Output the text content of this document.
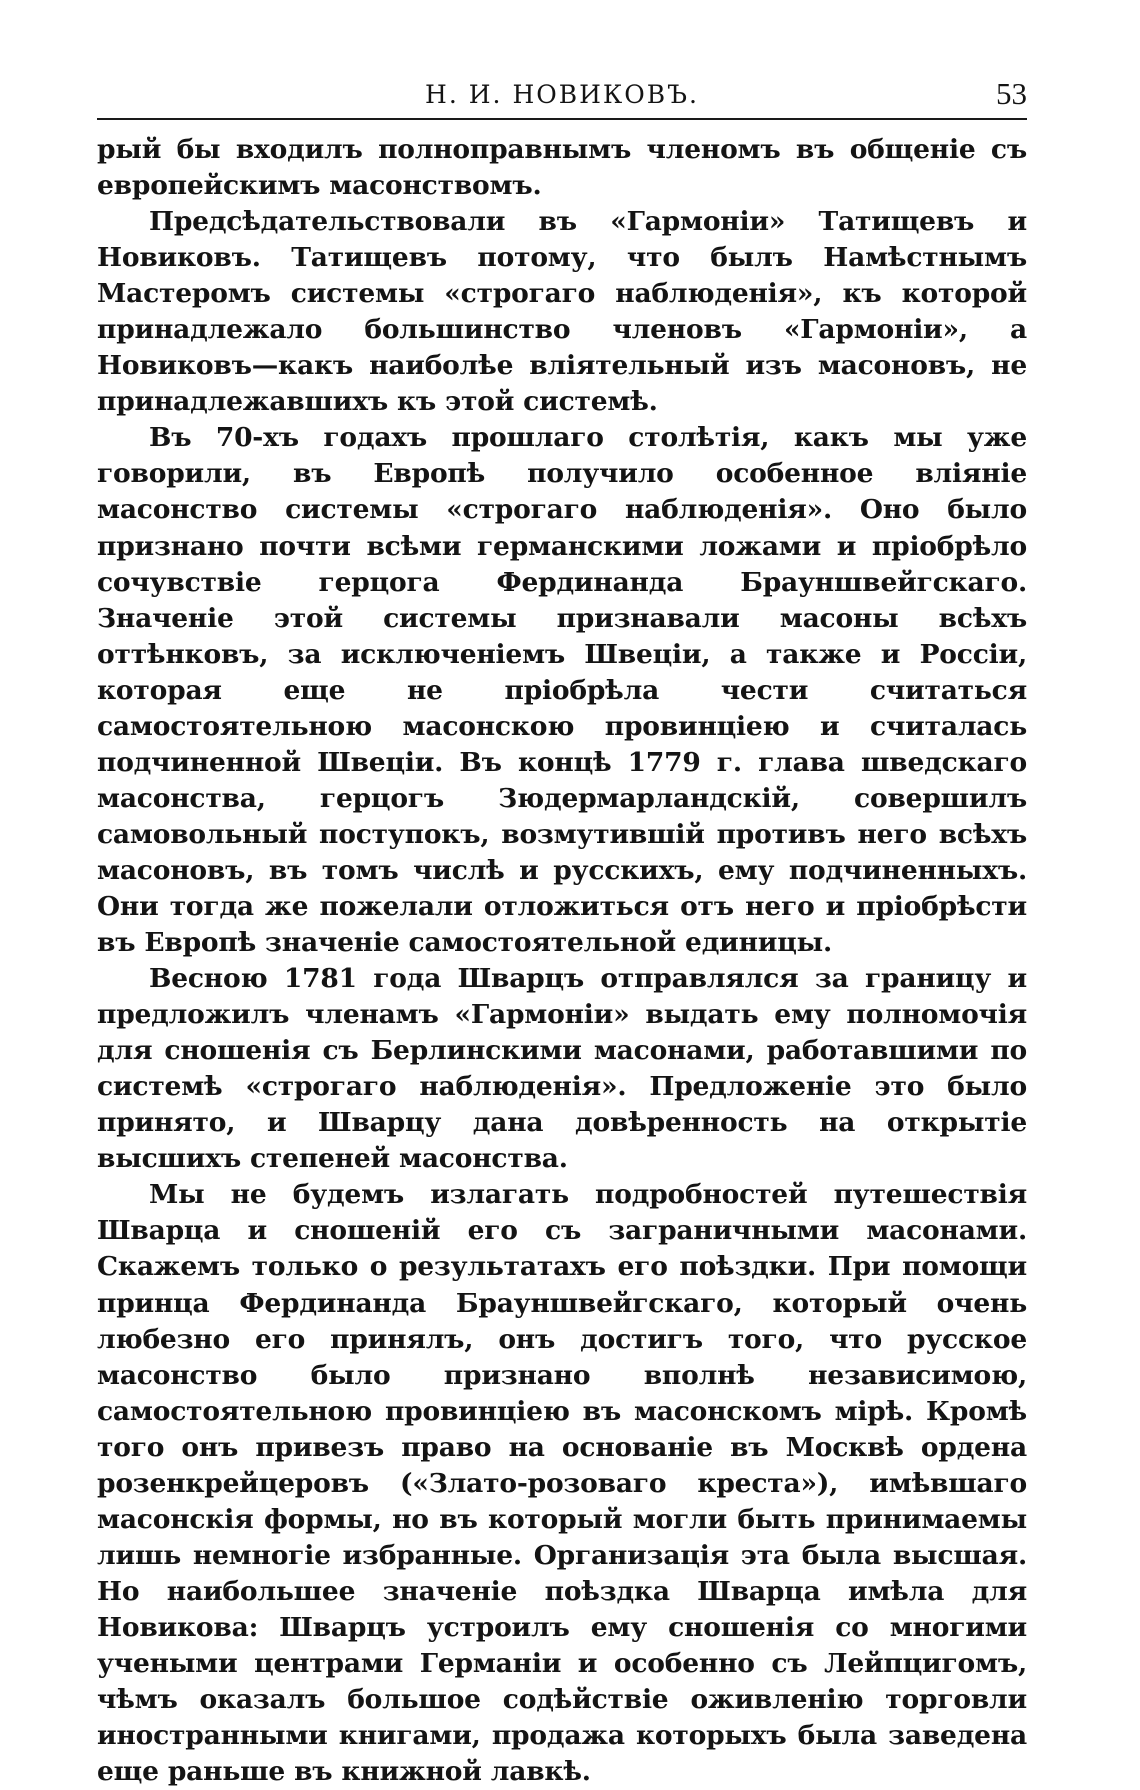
Н. И. НОВИКОВЪ.	53

рый бы входилъ полноправнымъ членомъ въ общеніе съ европейскимъ масонствомъ.

Предсѣдательствовали въ «Гармоніи» Татищевъ и Новиковъ. Татищевъ потому, что былъ Намѣстнымъ Мастеромъ системы «строгаго наблюденія», къ которой принадлежало большинство членовъ «Гармоніи», а Новиковъ—какъ наиболѣе вліятельный изъ масоновъ, не принадлежавшихъ къ этой системѣ.

Въ 70-хъ годахъ прошлаго столѣтія, какъ мы уже говорили, въ Европѣ получило особенное вліяніе масонство системы «строгаго наблюденія». Оно было признано почти всѣми германскими ложами и пріобрѣло сочувствіе герцога Фердинанда Брауншвейгскаго. Значеніе этой системы признавали масоны всѣхъ оттѣнковъ, за исключеніемъ Швеціи, а также и Россіи, которая еще не пріобрѣла чести считаться самостоятельною масонскою провинціею и считалась подчиненной Швеціи. Въ концѣ 1779 г. глава шведскаго масонства, герцогъ Зюдермарландскій, совершилъ самовольный поступокъ, возмутившій противъ него всѣхъ масоновъ, въ томъ числѣ и русскихъ, ему подчиненныхъ. Они тогда же пожелали отложиться отъ него и пріобрѣсти въ Европѣ значеніе самостоятельной единицы.

Весною 1781 года Шварцъ отправлялся за границу и предложилъ членамъ «Гармоніи» выдать ему полномочія для сношенія съ Берлинскими масонами, работавшими по системѣ «строгаго наблюденія». Предложеніе это было принято, и Шварцу дана довѣренность на открытіе высшихъ степеней масонства.

Мы не будемъ излагать подробностей путешествія Шварца и сношеній его съ заграничными масонами. Скажемъ только о результатахъ его поѣздки. При помощи принца Фердинанда Брауншвейгскаго, который очень любезно его принялъ, онъ достигъ того, что русское масонство было признано вполнѣ независимою, самостоятельною провинціею въ масонскомъ мірѣ. Кромѣ того онъ привезъ право на основаніе въ Москвѣ ордена розенкрейцеровъ («Злато-розоваго креста»), имѣвшаго масонскія формы, но въ который могли быть принимаемы лишь немногіе избранные. Организація эта была высшая. Но наибольшее значеніе поѣздка Шварца имѣла для Новикова: Шварцъ устроилъ ему сношенія со многими учеными центрами Германіи и особенно съ Лейпцигомъ, чѣмъ оказалъ большое содѣйствіе оживленію торговли иностранными книгами, продажа которыхъ была заведена еще раньше въ книжной лавкѣ.
